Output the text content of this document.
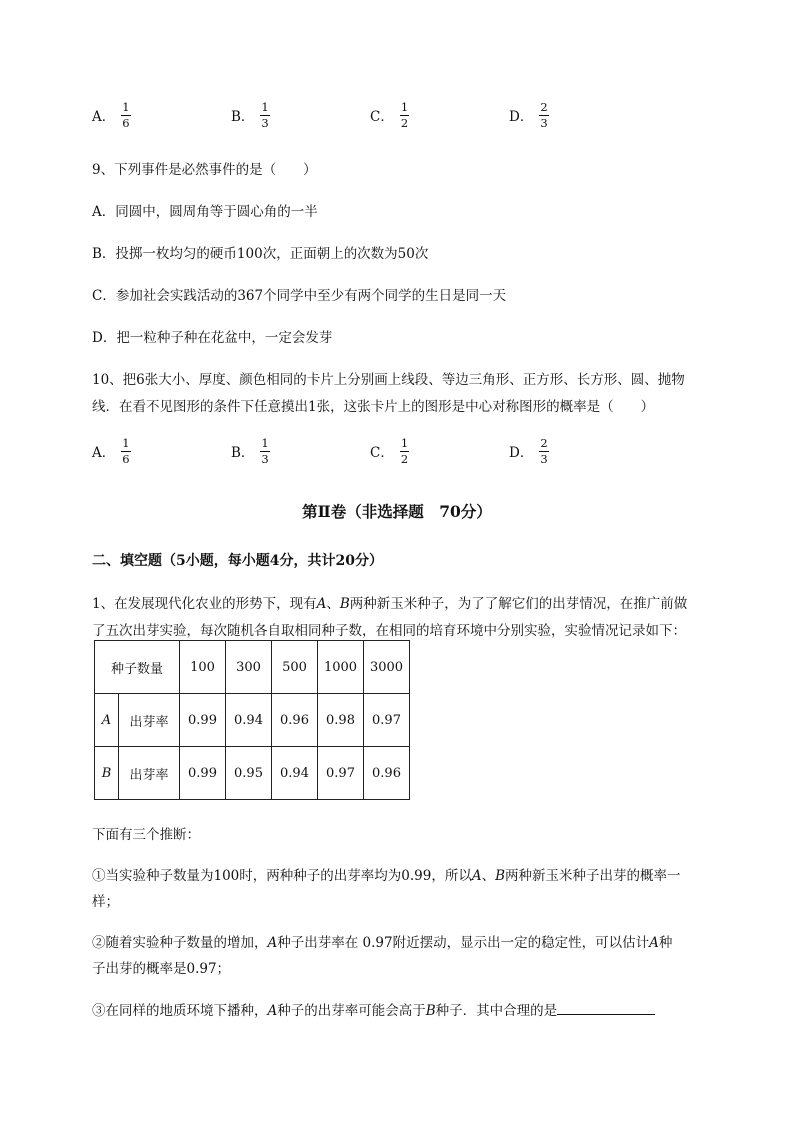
A． $\frac{1}{6}$	B． $\frac{1}{3}$	C． $\frac{1}{2}$	D． $\frac{2}{3}$
9、下列事件是必然事件的是（　　）
A．同圆中，圆周角等于圆心角的一半
B．投掷一枚均匀的硬币100次，正面朝上的次数为50次
C．参加社会实践活动的367个同学中至少有两个同学的生日是同一天
D．把一粒种子种在花盆中，一定会发芽
10、把6张大小、厚度、颜色相同的卡片上分别画上线段、等边三角形、正方形、长方形、圆、抛物
线．在看不见图形的条件下任意摸出1张，这张卡片上的图形是中心对称图形的概率是（　　）
A． $\frac{1}{6}$	B． $\frac{1}{3}$	C． $\frac{1}{2}$	D． $\frac{2}{3}$
第Ⅱ卷（非选择题　70分）
二、填空题（5小题，每小题4分，共计20分）
1、在发展现代化农业的形势下，现有A、B两种新玉米种子，为了了解它们的出芽情况，在推广前做
了五次出芽实验，每次随机各自取相同种子数，在相同的培育环境中分别实验，实验情况记录如下：
种子数量		100	300	500	1000	3000
A	出芽率	0.99	0.94	0.96	0.98	0.97
B	出芽率	0.99	0.95	0.94	0.97	0.96
下面有三个推断：
①当实验种子数量为100时，两种种子的出芽率均为0.99，所以A、B两种新玉米种子出芽的概率一
样；
②随着实验种子数量的增加，A种子出芽率在 0.97附近摆动，显示出一定的稳定性，可以估计A种
子出芽的概率是0.97；
③在同样的地质环境下播种，A种子的出芽率可能会高于B种子．其中合理的是
